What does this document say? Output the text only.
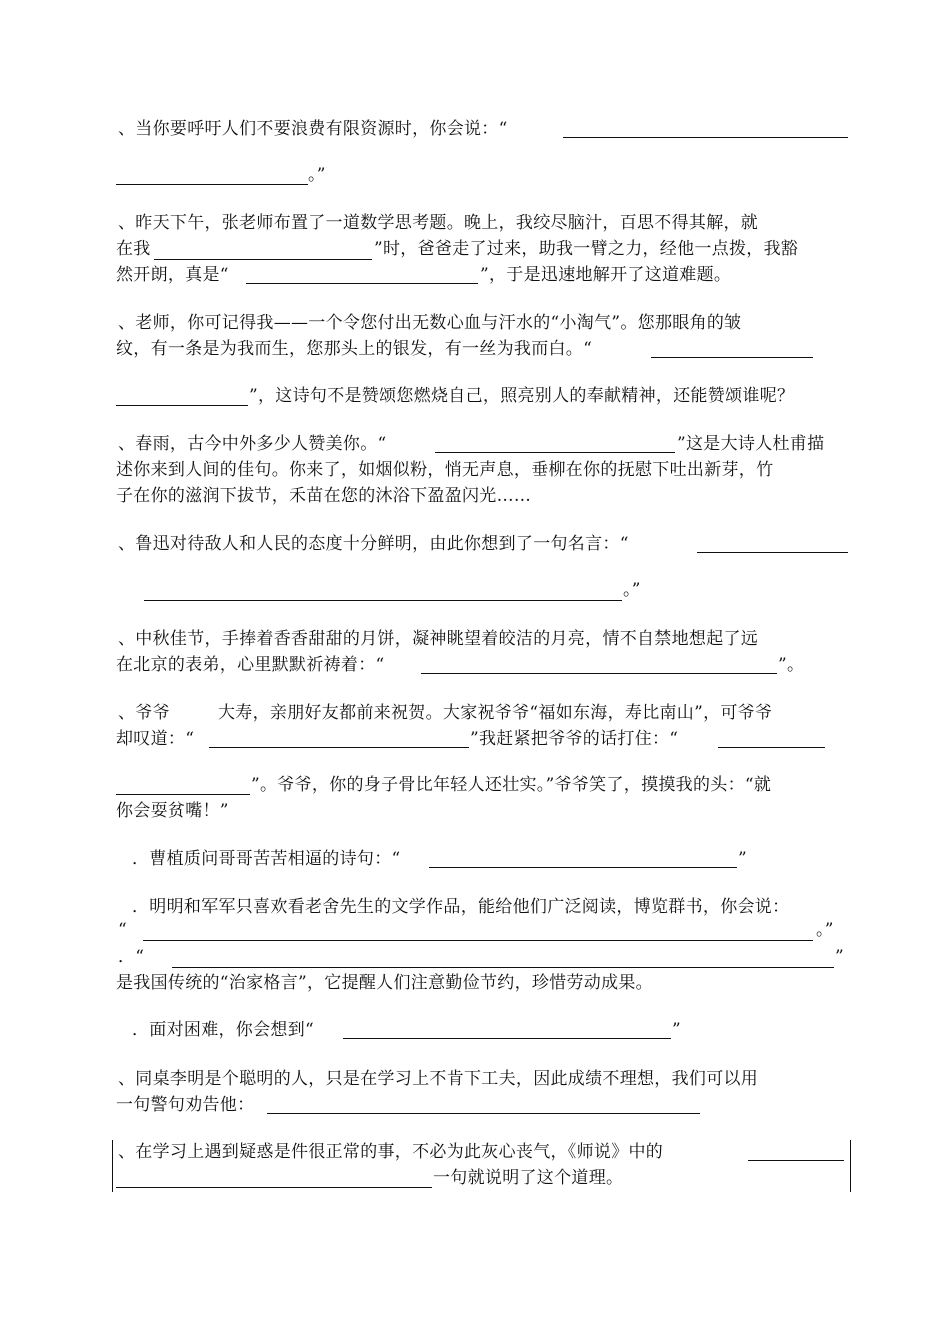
、当你要呼吁人们不要浪费有限资源时，你会说：“
。”
、昨天下午，张老师布置了一道数学思考题。晚上，我绞尽脑汁，百思不得其解，就
在我	”时，爸爸走了过来，助我一臂之力，经他一点拨，我豁
然开朗，真是“	”，于是迅速地解开了这道难题。
、老师，你可记得我——一个令您付出无数心血与汗水的“小淘气”。您那眼角的皱
纹，有一条是为我而生，您那头上的银发，有一丝为我而白。“
”，这诗句不是赞颂您燃烧自己，照亮别人的奉献精神，还能赞颂谁呢？
、春雨，古今中外多少人赞美你。“	”这是大诗人杜甫描
述你来到人间的佳句。你来了，如烟似粉，悄无声息，垂柳在你的抚慰下吐出新芽，竹
子在你的滋润下拔节，禾苗在您的沐浴下盈盈闪光……
、鲁迅对待敌人和人民的态度十分鲜明，由此你想到了一句名言：“
。”
、中秋佳节，手捧着香香甜甜的月饼，凝神眺望着皎洁的月亮，情不自禁地想起了远
在北京的表弟，心里默默祈祷着：“	”。
、爷爷	大寿，亲朋好友都前来祝贺。大家祝爷爷“福如东海，寿比南山”，可爷爷
却叹道：“	”我赶紧把爷爷的话打住：“
”。爷爷，你的身子骨比年轻人还壮实。”爷爷笑了，摸摸我的头：“就
你会耍贫嘴！”
．曹植质问哥哥苦苦相逼的诗句：“	”
．明明和军军只喜欢看老舍先生的文学作品，能给他们广泛阅读，博览群书，你会说：
“	。”
．“	”
是我国传统的“治家格言”，它提醒人们注意勤俭节约，珍惜劳动成果。
．面对困难，你会想到“	”
、同桌李明是个聪明的人，只是在学习上不肯下工夫，因此成绩不理想，我们可以用
一句警句劝告他：
、在学习上遇到疑惑是件很正常的事，不必为此灰心丧气，《师说》中的
一句就说明了这个道理。
